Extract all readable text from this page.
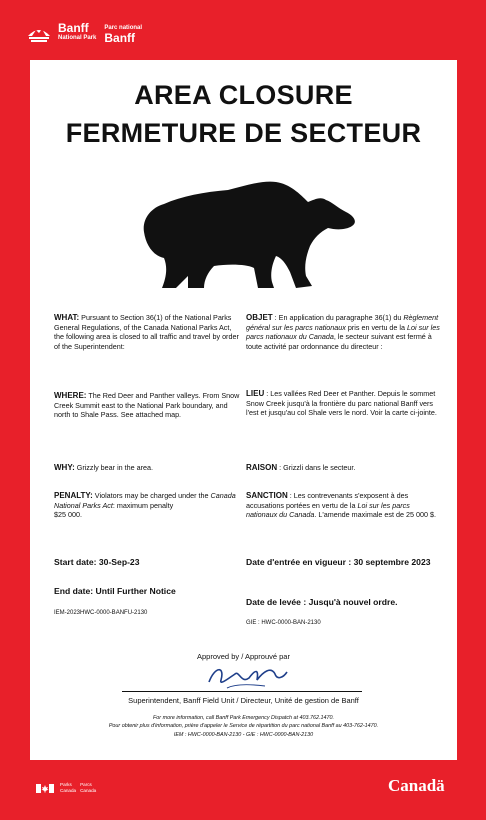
Banff
National Park
Parc national
Banff
AREA CLOSURE
FERMETURE DE SECTEUR
WHAT: Pursuant to Section 36(1) of the National Parks General Regulations, of the Canada National Parks Act, the following area is closed to all traffic and travel by order of the Superintendent:
WHERE: The Red Deer and Panther valleys. From Snow Creek Summit east to the National Park boundary, and north to Shale Pass. See attached map.
WHY: Grizzly bear in the area.
PENALTY: Violators may be charged under the Canada National Parks Act: maximum penalty
$25 000.
Start date: 30-Sep-23
End date: Until Further Notice
IEM-2023HWC-0000-BANFU-2130
OBJET : En application du paragraphe 36(1) du Règlement général sur les parcs nationaux pris en vertu de la Loi sur les parcs nationaux du Canada, le secteur suivant est fermé à toute activité par ordonnance du directeur :
LIEU : Les vallées Red Deer et Panther. Depuis le sommet Snow Creek jusqu'à la frontière du parc national Banff vers l'est et jusqu'au col Shale vers le nord. Voir la carte ci-jointe.
RAISON : Grizzli dans le secteur.
SANCTION : Les contrevenants s'exposent à des accusations portées en vertu de la Loi sur les parcs nationaux du Canada. L'amende maximale est de 25 000 $.
Date d'entrée en vigueur : 30 septembre 2023
Date de levée : Jusqu'à nouvel ordre.
GIE : HWC-0000-BAN-2130
Approved by / Approuvé par
Superintendent, Banff Field Unit / Directeur, Unité de gestion de Banff
For more information, call Banff Park Emergency Dispatch at 403.762.1470.
Pour obtenir plus d'information, prière d'appeler le Service de répartition du parc national Banff au 403-762-1470.
IEM : HWC-0000-BAN-2130 - GIE : HWC-0000-BAN-2130
Parks
Canada
Parcs
Canada	Canadä
